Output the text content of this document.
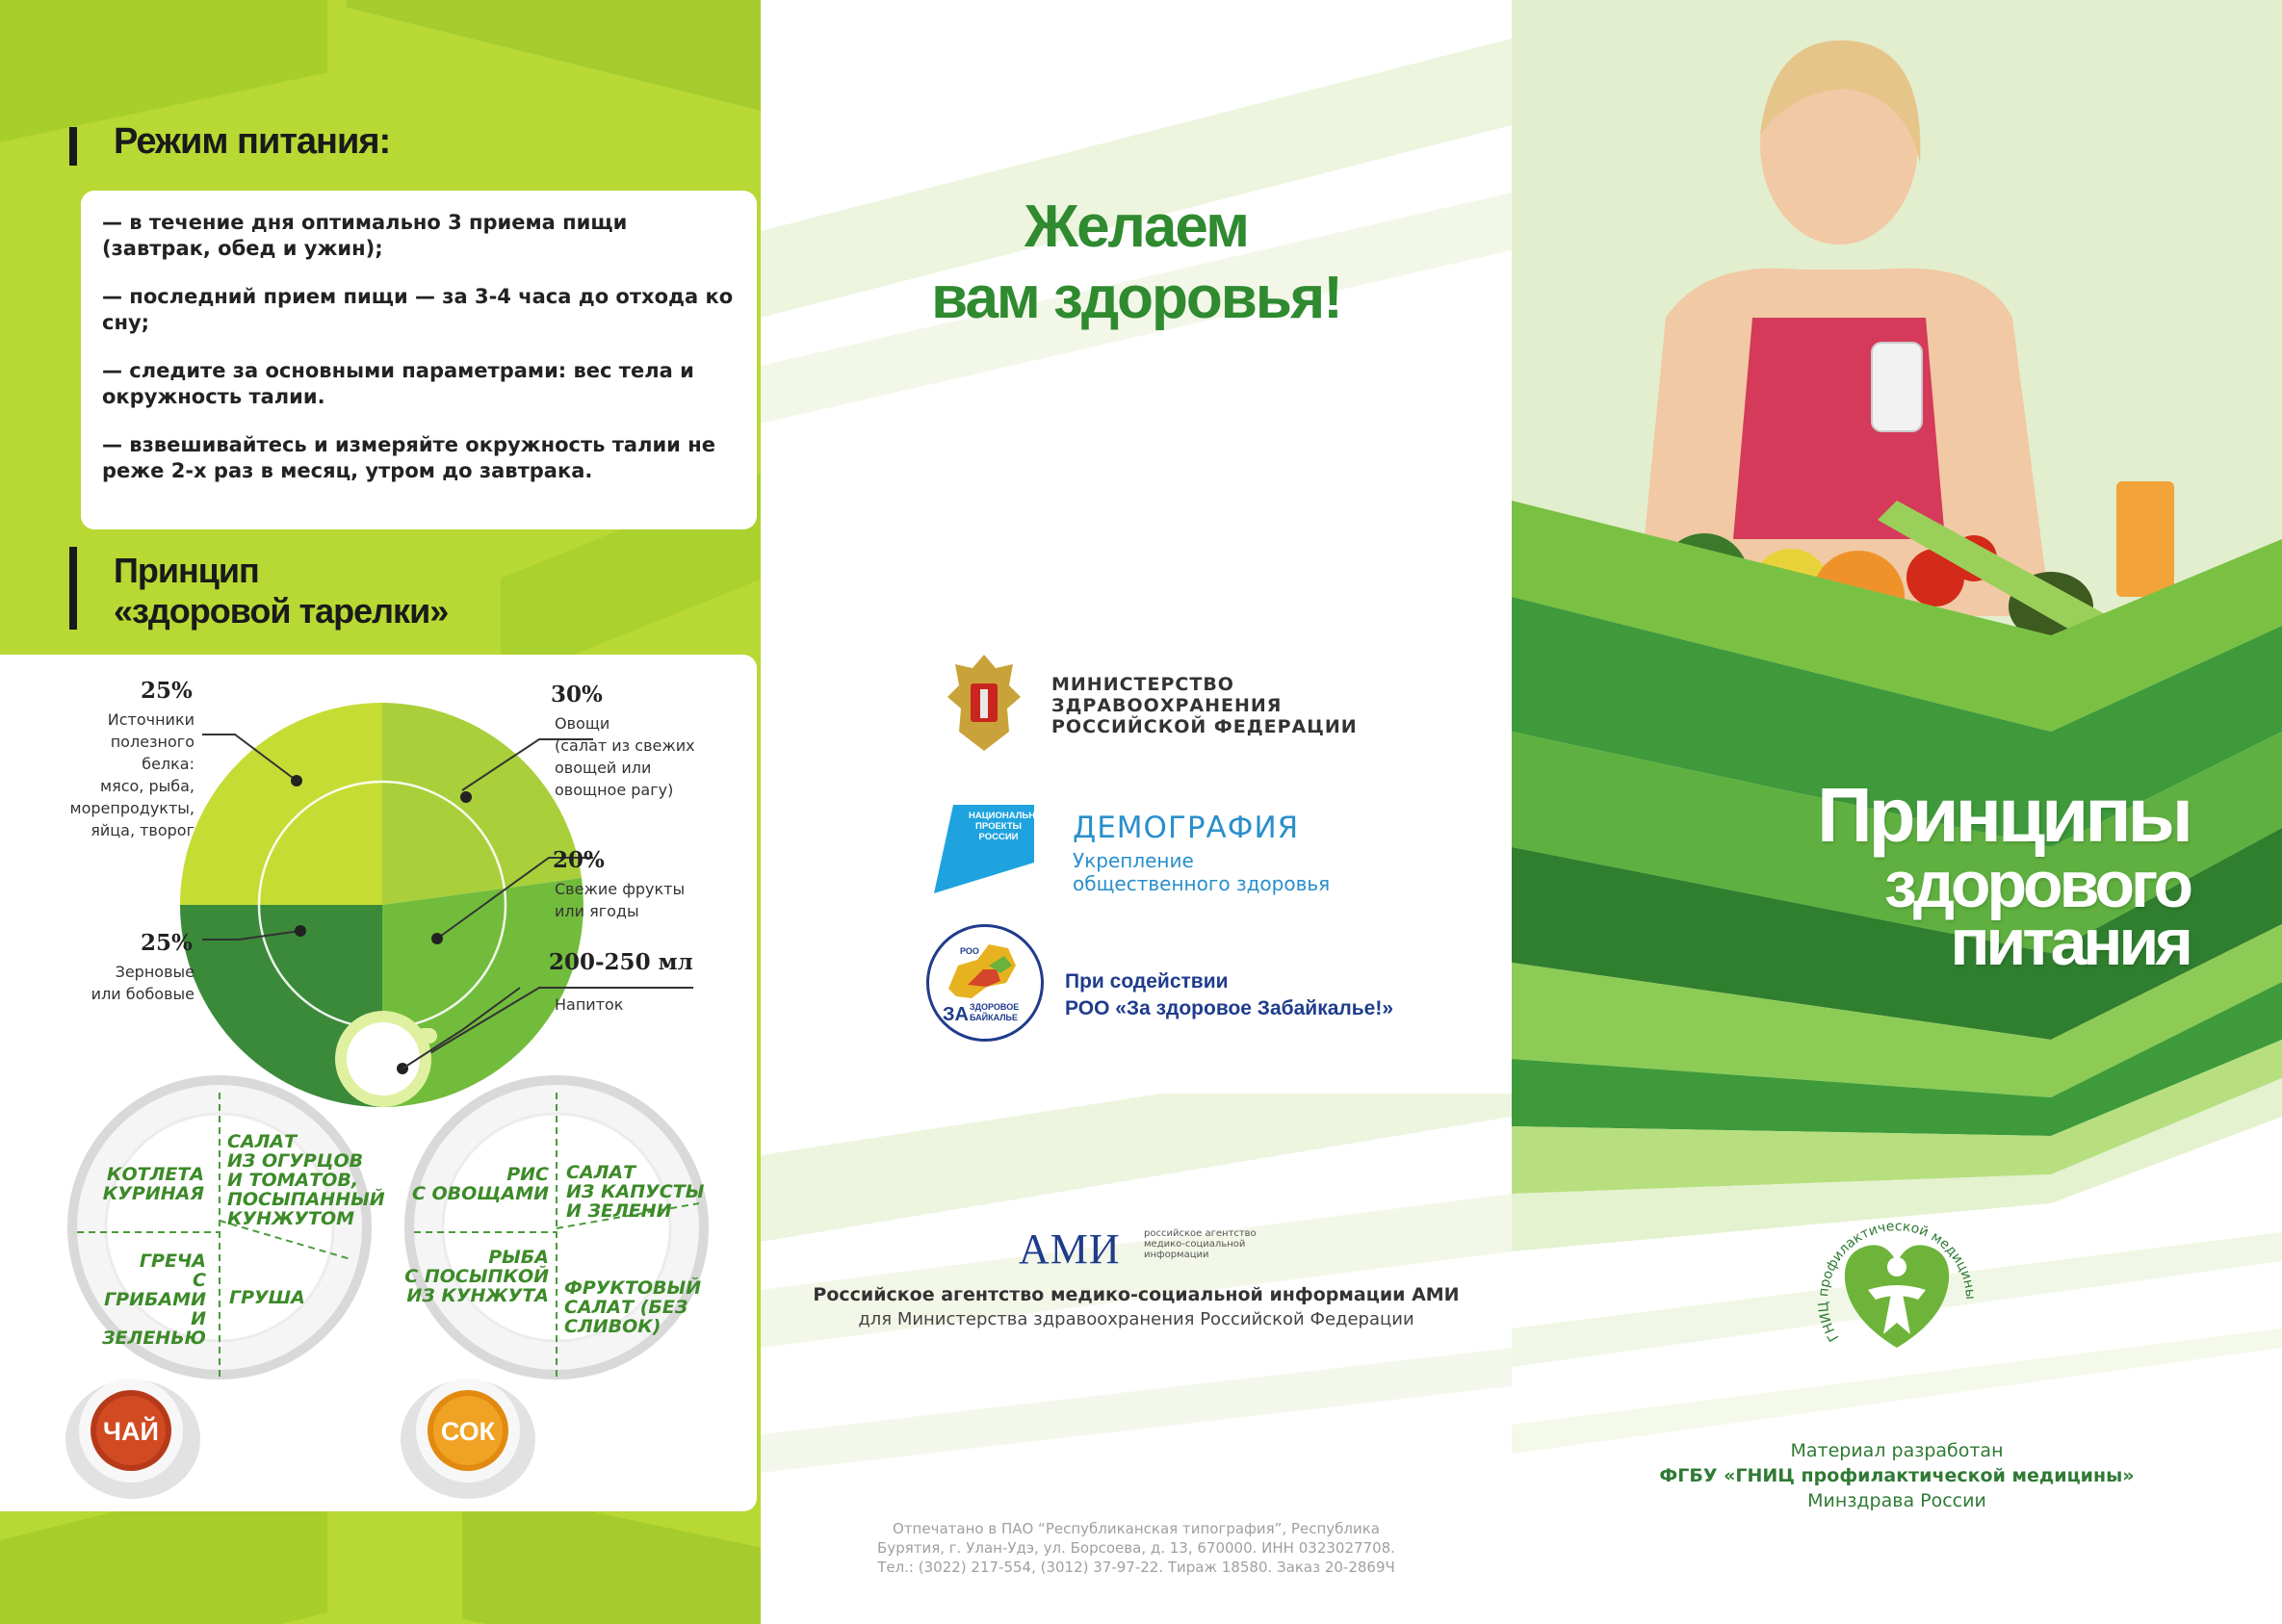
Режим питания:

— в течение дня оптимально 3 приема пищи (завтрак, обед и ужин);

— последний прием пищи — за 3-4 часа до отхода ко сну;

— следите за основными параметрами: вес тела и окружность талии.

— взвешивайтесь и измеряйте окружность талии не реже 2-х раз в месяц, утром до завтрака.

Принцип
«здоровой тарелки»
25%
Источники
полезного белка:
мясо, рыба,
морепродукты,
яйца, творог
30%
Овощи
(салат из свежих
овощей или
овощное рагу)
20%
Свежие фрукты
или ягоды
25%
Зерновые
или бобовые
200-250 мл
Напиток
КОТЛЕТА
КУРИНАЯ
САЛАТ
ИЗ ОГУРЦОВ
И ТОМАТОВ,
ПОСЫПАННЫЙ
КУНЖУТОМ
ГРЕЧА
С ГРИБАМИ
И ЗЕЛЕНЬЮ
ГРУША
РИС
С ОВОЩАМИ
САЛАТ
ИЗ КАПУСТЫ
И ЗЕЛЕНИ
РЫБА
С ПОСЫПКОЙ
ИЗ КУНЖУТА ФРУКТОВЫЙ
САЛАТ (БЕЗ
СЛИВОК)
ЧАЙ	СОК
Желаем
вам здоровья!
МИНИСТЕРСТВО
ЗДРАВООХРАНЕНИЯ
РОССИЙСКОЙ ФЕДЕРАЦИИ
НАЦИОНАЛЬНЫЕ
ПРОЕКТЫ
РОССИИ	ДЕМОГРАФИЯ
Укрепление
общественного здоровья
РОО
ЗА ЗДОРОВОЕ
БАЙКАЛЬЕ
При содействии
РОО «За здоровое Забайкалье!»
АМИ российское агентство
медико-социальной
информации
Российское агентство медико-социальной информации АМИ
для Министерства здравоохранения Российской Федерации
Отпечатано в ПАО “Республиканская типография”, Республика
Бурятия, г. Улан-Удэ, ул. Борсоева, д. 13, 670000. ИНН 0323027708.
Тел.: (3022) 217-554, (3012) 37-97-22. Тираж 18580. Заказ 20-2869Ч
Принципы
здорового
питания
ГНИЦ профилактической медицины
Материал разработан
ФГБУ «ГНИЦ профилактической медицины»
Минздрава России
